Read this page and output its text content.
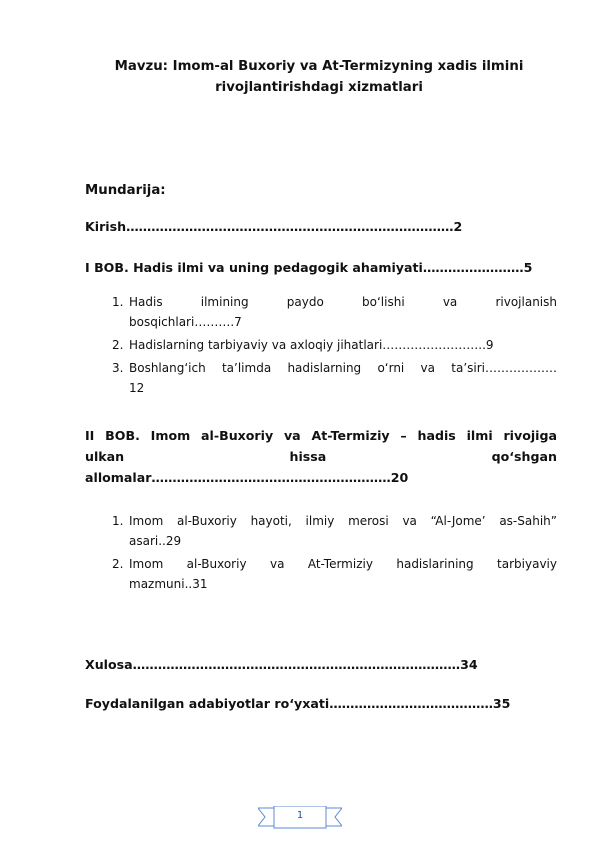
Mavzu: Imom-al Buxoriy va At-Termizyning xadis ilmini
rivojlantirishdagi xizmatlari
Mundarija:
Kirish……………………………………………………………………2
I BOB. Hadis ilmi va uning pedagogik ahamiyati……………………5
1. Hadis ilmining paydo bo‘lishi va rivojlanish
bosqichlari……….7
2. Hadislarning tarbiyaviy va axloqiy jihatlari……………………..9
3. Boshlang‘ich ta’limda hadislarning o‘rni va ta’siri………………
12
II BOB. Imom al-Buxoriy va At-Termiziy – hadis ilmi rivojiga
ulkan hissa qo‘shgan
allomalar…………………………………………………20
1. Imom al-Buxoriy hayoti, ilmiy merosi va “Al-Jome’ as-Sahih”
asari..29
2. Imom al-Buxoriy va At-Termiziy hadislarining tarbiyaviy
mazmuni..31
Xulosa……………………………………………………………………34
Foydalanilgan adabiyotlar ro‘yxati…………………………………35
1
